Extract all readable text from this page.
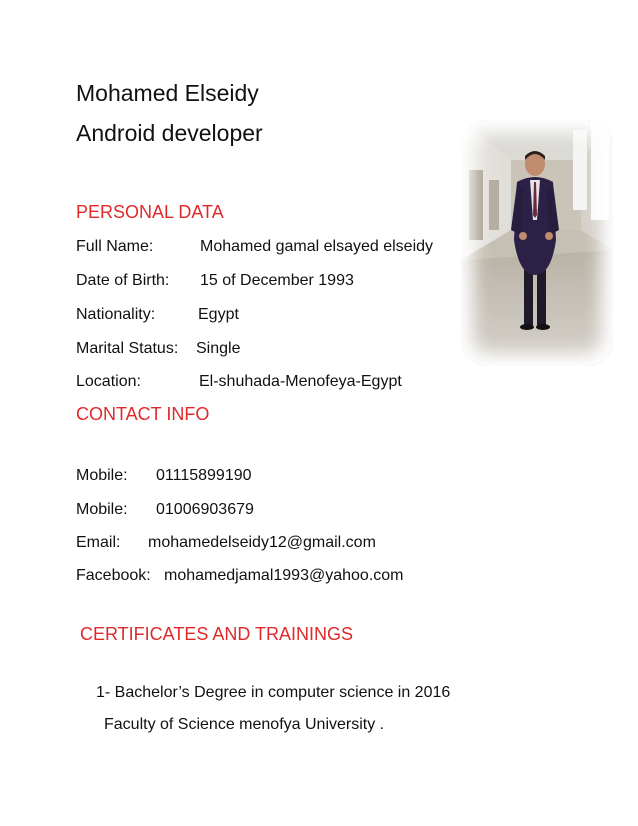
Mohamed Elseidy
Android developer
PERSONAL DATA
Full Name:	Mohamed gamal elsayed elseidy
Date of Birth: 15 of December 1993
Nationality:	Egypt
Marital Status: Single
Location:	El-shuhada-Menofeya-Egypt
CONTACT INFO
Mobile: 01115899190
Mobile: 01006903679
Email: mohamedelseidy12@gmail.com
Facebook: mohamedjamal1993@yahoo.com
CERTIFICATES AND TRAININGS
1- Bachelor’s Degree in computer science in 2016
Faculty of Science menofya University .
